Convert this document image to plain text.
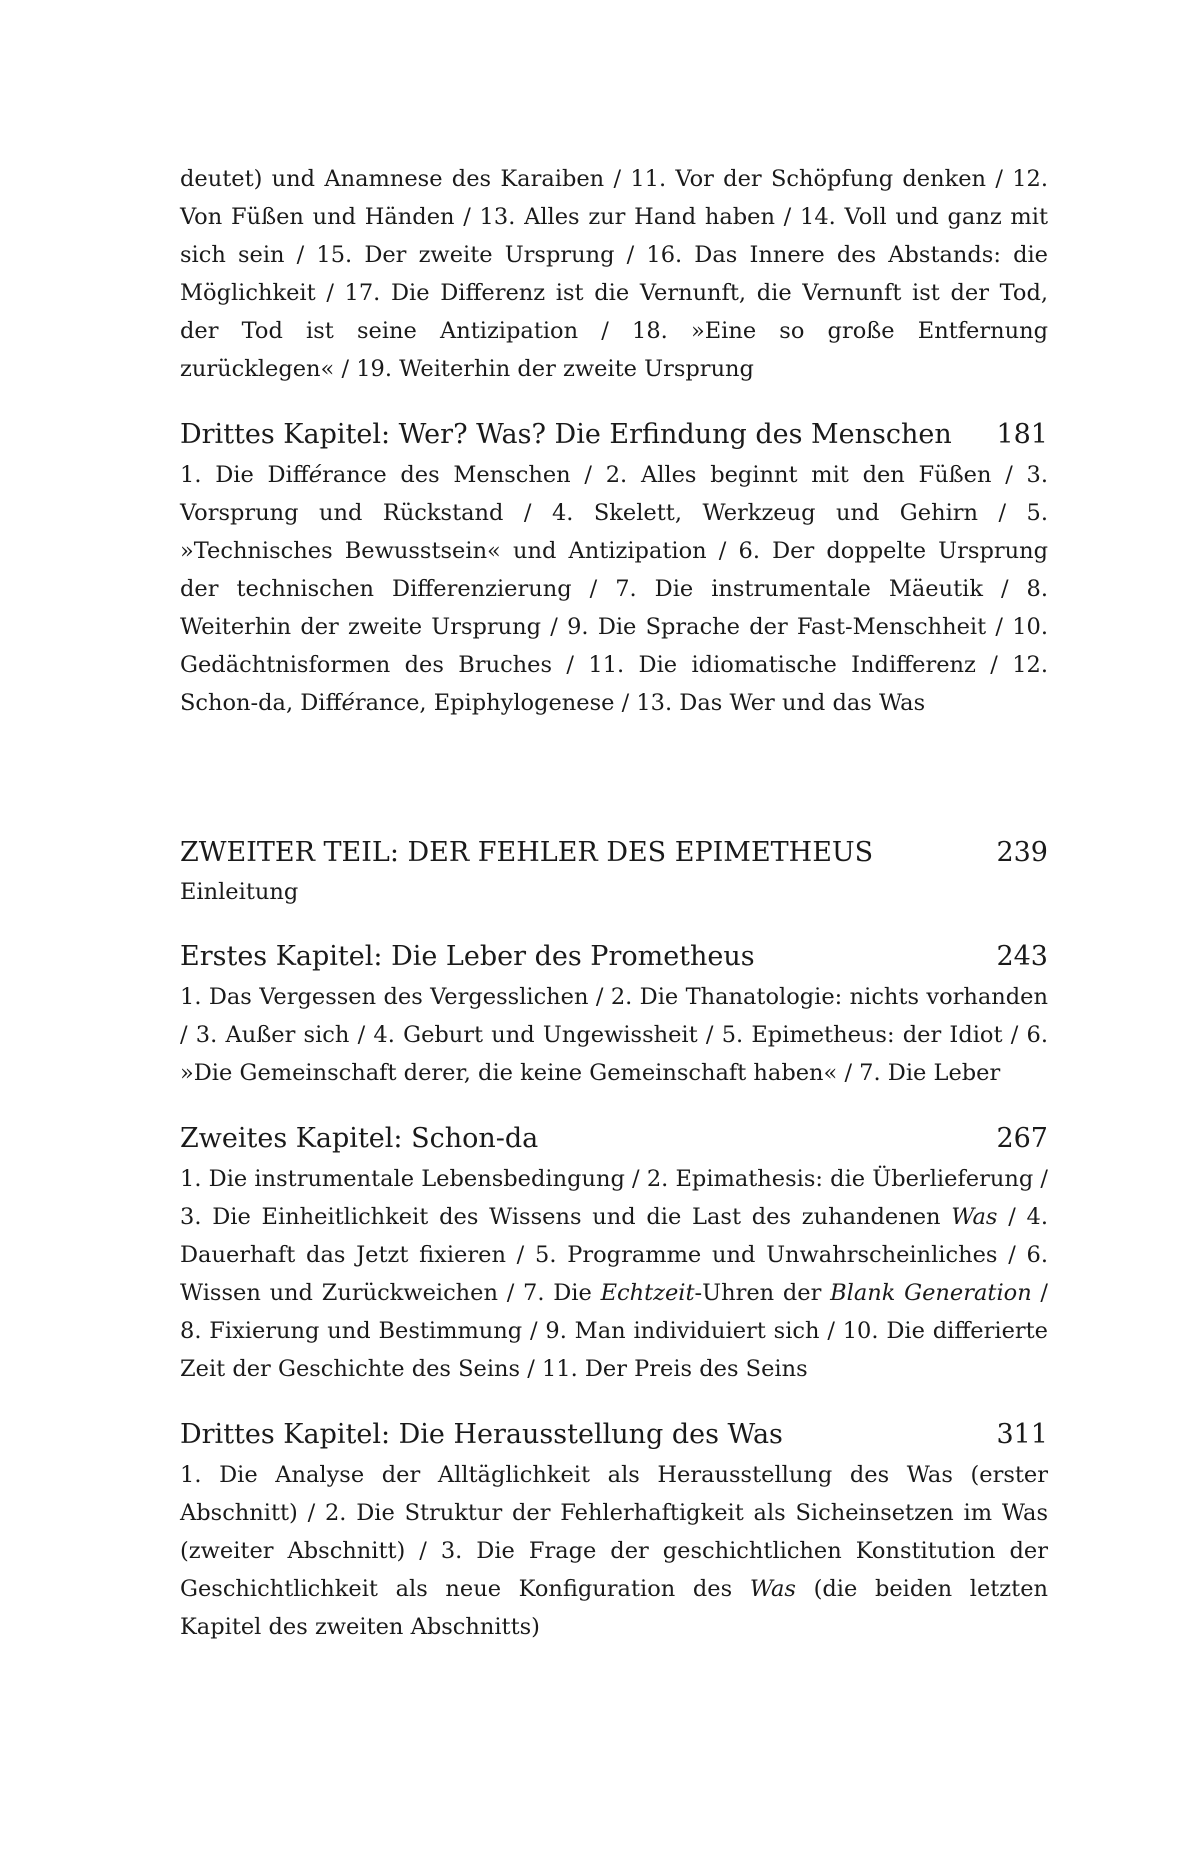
deutet) und Anamnese des Karaiben / 11. Vor der Schöpfung denken / 12. Von Füßen und Händen / 13. Alles zur Hand haben / 14. Voll und ganz mit sich sein / 15. Der zweite Ursprung / 16. Das Innere des Abstands: die Möglichkeit / 17. Die Differenz ist die Vernunft, die Vernunft ist der Tod, der Tod ist seine Antizipation / 18. »Eine so große Entfernung zurücklegen« / 19. Weiterhin der zweite Ursprung

Drittes Kapitel: Wer? Was? Die Erfindung des Menschen 181

1. Die Différance des Menschen / 2. Alles beginnt mit den Füßen / 3. Vorsprung und Rückstand / 4. Skelett, Werkzeug und Gehirn / 5. »Technisches Bewusstsein« und Antizipation / 6. Der doppelte Ursprung der technischen Differenzierung / 7. Die instrumentale Mäeutik / 8. Weiterhin der zweite Ursprung / 9. Die Sprache der Fast-Menschheit / 10. Gedächtnisformen des Bruches / 11. Die idiomatische Indifferenz / 12. Schon-da, Différance, Epiphylogenese / 13. Das Wer und das Was

ZWEITER TEIL: DER FEHLER DES EPIMETHEUS	239

Einleitung

Erstes Kapitel: Die Leber des Prometheus	243

1. Das Vergessen des Vergesslichen / 2. Die Thanatologie: nichts vorhanden / 3. Außer sich / 4. Geburt und Ungewissheit / 5. Epimetheus: der Idiot / 6. »Die Gemeinschaft derer, die keine Gemeinschaft haben« / 7. Die Leber

Zweites Kapitel: Schon-da	267

1. Die instrumentale Lebensbedingung / 2. Epimathesis: die Überlieferung / 3. Die Einheitlichkeit des Wissens und die Last des zuhandenen Was / 4. Dauerhaft das Jetzt fixieren / 5. Programme und Unwahrscheinliches / 6. Wissen und Zurückweichen / 7. Die Echtzeit-Uhren der Blank Generation / 8. Fixierung und Bestimmung / 9. Man individuiert sich / 10. Die differierte Zeit der Geschichte des Seins / 11. Der Preis des Seins

Drittes Kapitel: Die Herausstellung des Was	311

1. Die Analyse der Alltäglichkeit als Herausstellung des Was (erster Abschnitt) / 2. Die Struktur der Fehlerhaftigkeit als Sicheinsetzen im Was (zweiter Abschnitt) / 3. Die Frage der geschichtlichen Konstitution der Geschichtlichkeit als neue Konfiguration des Was (die beiden letzten Kapitel des zweiten Abschnitts)
